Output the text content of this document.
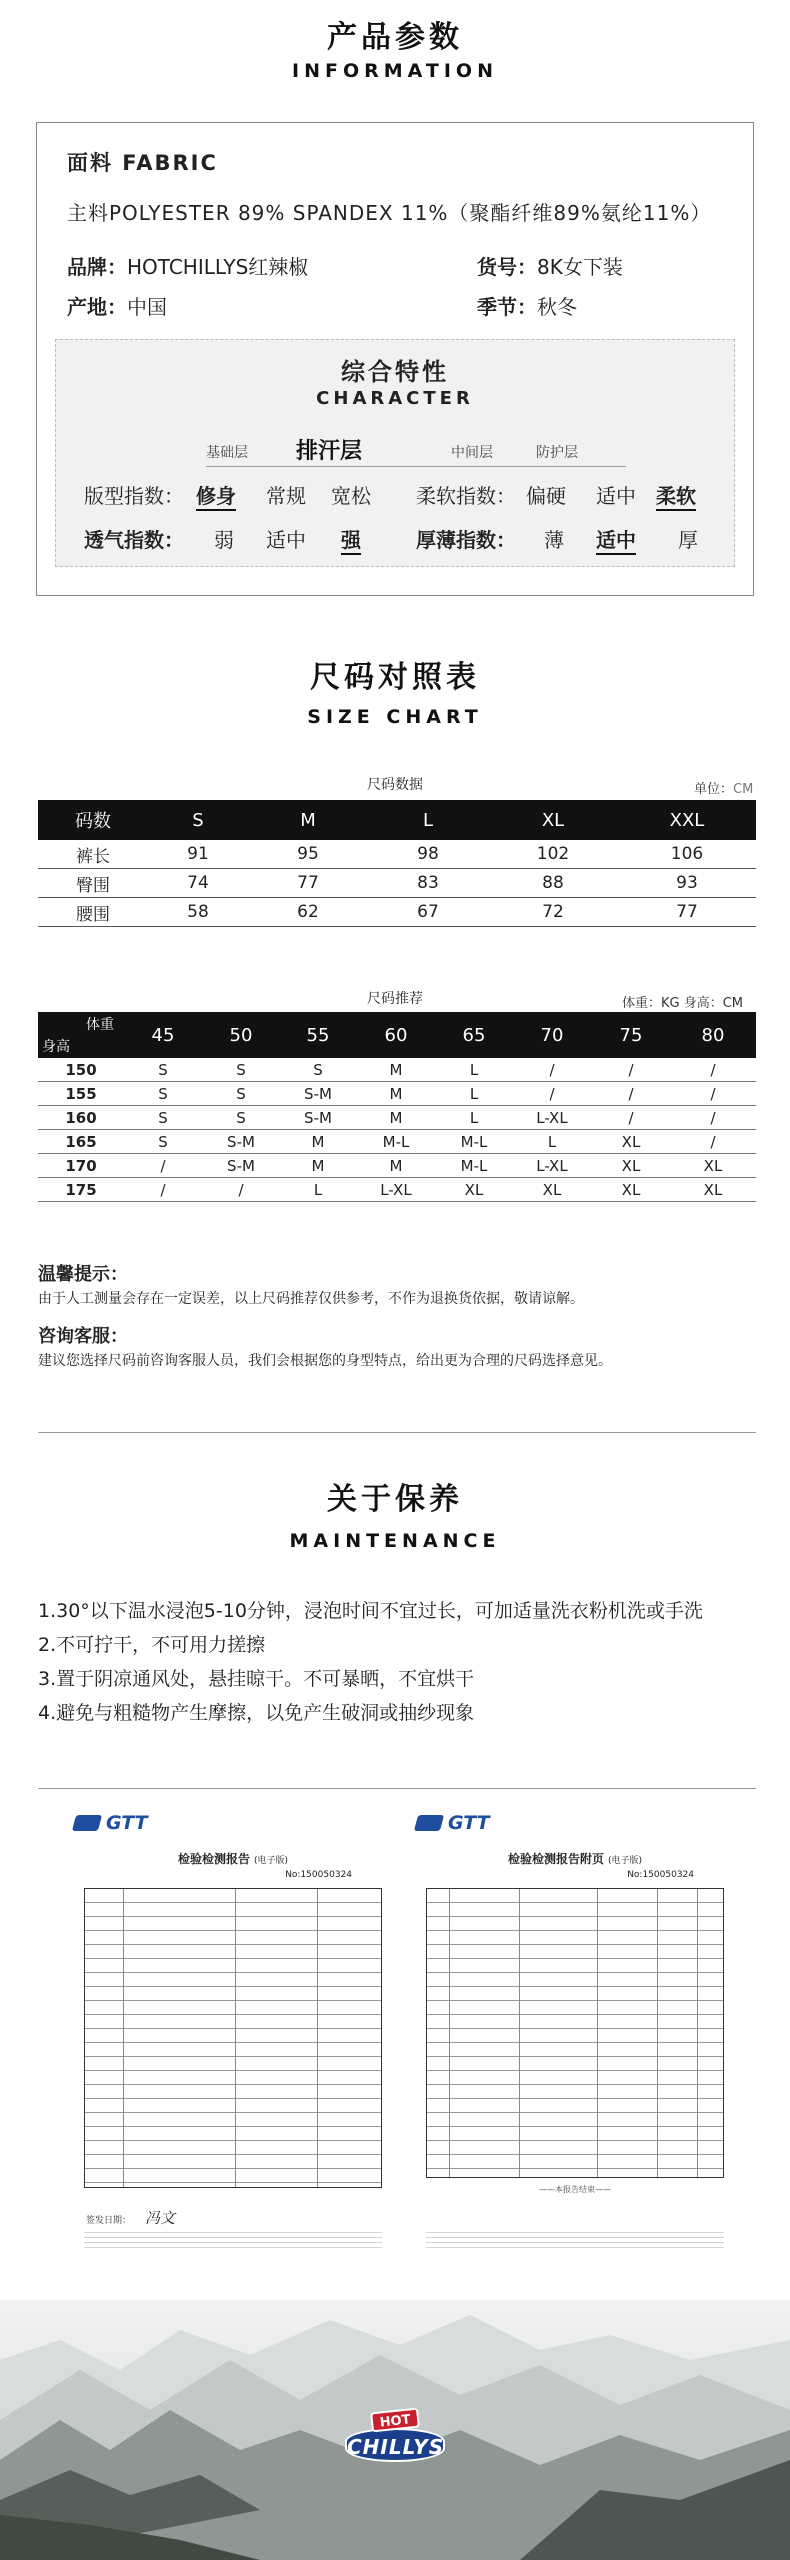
产品参数
INFORMATION
面料 FABRIC
主料POLYESTER 89% SPANDEX 11%（聚酯纤维89%氨纶11%）
品牌：HOTCHILLYS红辣椒	货号：8K女下装
产地：中国	季节：秋冬
综合特性
CHARACTER
基础层 排汗层	中间层	防护层
版型指数： 修身 常规 宽松 柔软指数： 偏硬 适中 柔软
透气指数： 弱 适中 强	厚薄指数： 薄 适中 厚
尺码对照表
SIZE CHART
尺码数据	单位：CM
码数	S	M	L	XL	XXL
裤长	91	95	98	102	106
臀围	74	77	83	88	93
腰围	58	62	67	72	77
尺码推荐	体重：KG 身高：CM
体重
身高
45	50	55	60	65	70	75	80
150	S	S	S	M	L	/	/	/
155	S	S	S-M	M	L	/	/	/
160	S	S	S-M	M	L	L-XL	/	/
165	S	S-M	M	M-L	M-L	L	XL	/
170	/	S-M	M	M	M-L	L-XL	XL	XL
175	/	/	L	L-XL	XL	XL	XL	XL
温馨提示：
由于人工测量会存在一定误差，以上尺码推荐仅供参考，不作为退换货依据，敬请谅解。
咨询客服：
建议您选择尺码前咨询客服人员，我们会根据您的身型特点，给出更为合理的尺码选择意见。
关于保养
MAINTENANCE
1.30°以下温水浸泡5-10分钟，浸泡时间不宜过长，可加适量洗衣粉机洗或手洗
2.不可拧干，不可用力搓擦
3.置于阴凉通风处，悬挂晾干。不可暴晒，不宜烘干
4.避免与粗糙物产生摩擦，以免产生破洞或抽纱现象
GTT
检验检测报告 (电子版)
No:150050324
签发日期： 冯文
GTT
检验检测报告附页 (电子版)
No:150050324
——本报告结束——
CHILLYS
HOT
